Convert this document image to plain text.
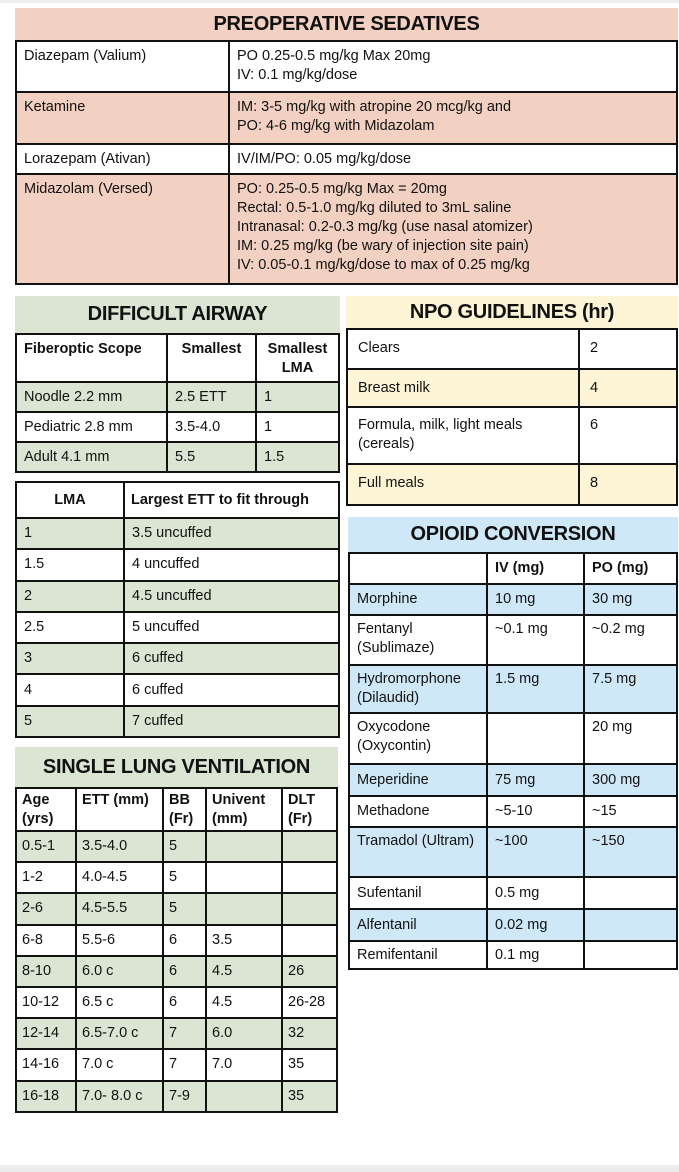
PREOPERATIVE SEDATIVES
Diazepam (Valium)	PO 0.25-0.5 mg/kg Max 20mg
IV: 0.1 mg/kg/dose

Ketamine	IM: 3-5 mg/kg with atropine 20 mcg/kg and
PO: 4-6 mg/kg with Midazolam

Lorazepam (Ativan)	IV/IM/PO: 0.05 mg/kg/dose

Midazolam (Versed)	PO: 0.25-0.5 mg/kg Max = 20mg
Rectal: 0.5-1.0 mg/kg diluted to 3mL saline
Intranasal: 0.2-0.3 mg/kg (use nasal atomizer)
IM: 0.25 mg/kg (be wary of injection site pain)
IV: 0.05-0.1 mg/kg/dose to max of 0.25 mg/kg
DIFFICULT AIRWAY
Fiberoptic Scope	Smallest	Smallest LMA
Noodle 2.2 mm	2.5 ETT	1
Pediatric 2.8 mm	3.5-4.0	1
Adult 4.1 mm	5.5	1.5
LMA	Largest ETT to fit through
1	3.5 uncuffed
1.5	4 uncuffed
2	4.5 uncuffed
2.5	5 uncuffed
3	6 cuffed
4	6 cuffed
5	7 cuffed
SINGLE LUNG VENTILATION
Age (yrs)	ETT (mm)	BB (Fr)	Univent (mm)	DLT (Fr)
0.5-1	3.5-4.0	5		
1-2	4.0-4.5	5		
2-6	4.5-5.5	5		
6-8	5.5-6	6	3.5	
8-10	6.0 c	6	4.5	26
10-12	6.5 c	6	4.5	26-28
12-14	6.5-7.0 c	7	6.0	32
14-16	7.0 c	7	7.0	35
16-18	7.0- 8.0 c	7-9		35
NPO GUIDELINES (hr)
Clears	2
Breast milk	4
Formula, milk, light meals (cereals)	6
Full meals	8
OPIOID CONVERSION
	IV (mg)	PO (mg)
Morphine	10 mg	30 mg
Fentanyl (Sublimaze)	~0.1 mg	~0.2 mg
Hydromorphone (Dilaudid)	1.5 mg	7.5 mg
Oxycodone (Oxycontin)		20 mg
Meperidine	75 mg	300 mg
Methadone	~5-10	~15
Tramadol (Ultram)	~100	~150
Sufentanil	0.5 mg	
Alfentanil	0.02 mg	
Remifentanil	0.1 mg	
